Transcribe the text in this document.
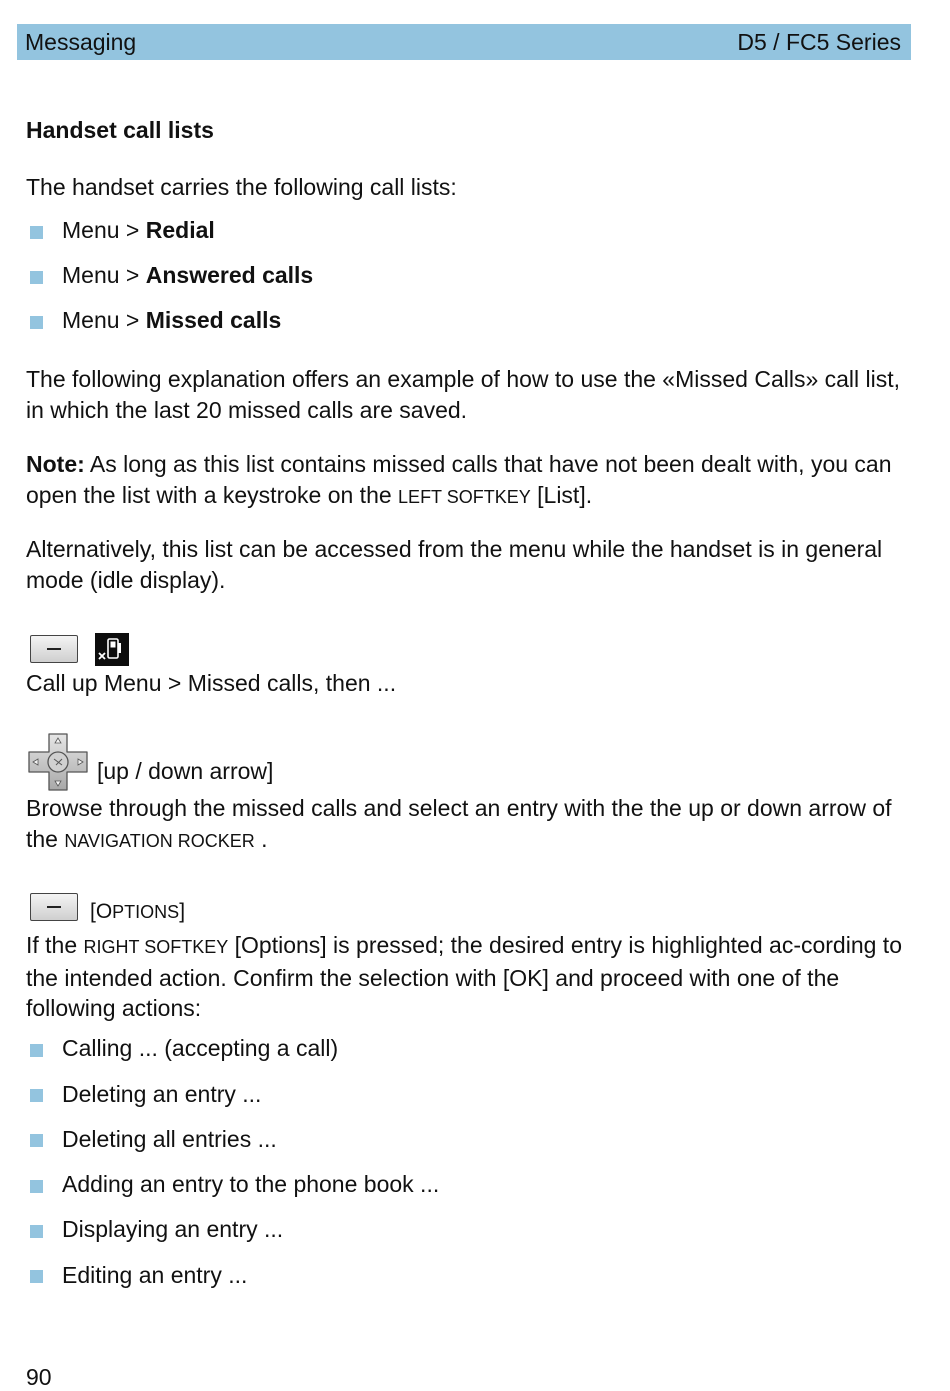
Messaging	D5 / FC5 Series

Handset call lists

The handset carries the following call lists:

Menu > Redial

Menu > Answered calls

Menu > Missed calls

The following explanation offers an example of how to use the «Missed Calls» call list, in which the last 20 missed calls are saved.

Note: As long as this list contains missed calls that have not been dealt with, you can open the list with a keystroke on the LEFT SOFTKEY [List].

Alternatively, this list can be accessed from the menu while the handset is in general mode (idle display).

Call up Menu > Missed calls, then ...

[up / down arrow]

Browse through the missed calls and select an entry with the the up or down arrow of the NAVIGATION ROCKER .

[OPTIONS]

If the RIGHT SOFTKEY [Options] is pressed; the desired entry is highlighted ac-cording to the intended action. Confirm the selection with [OK] and proceed with one of the following actions:

Calling ... (accepting a call)

Deleting an entry ...

Deleting all entries ...

Adding an entry to the phone book ...

Displaying an entry ...

Editing an entry ...

90
